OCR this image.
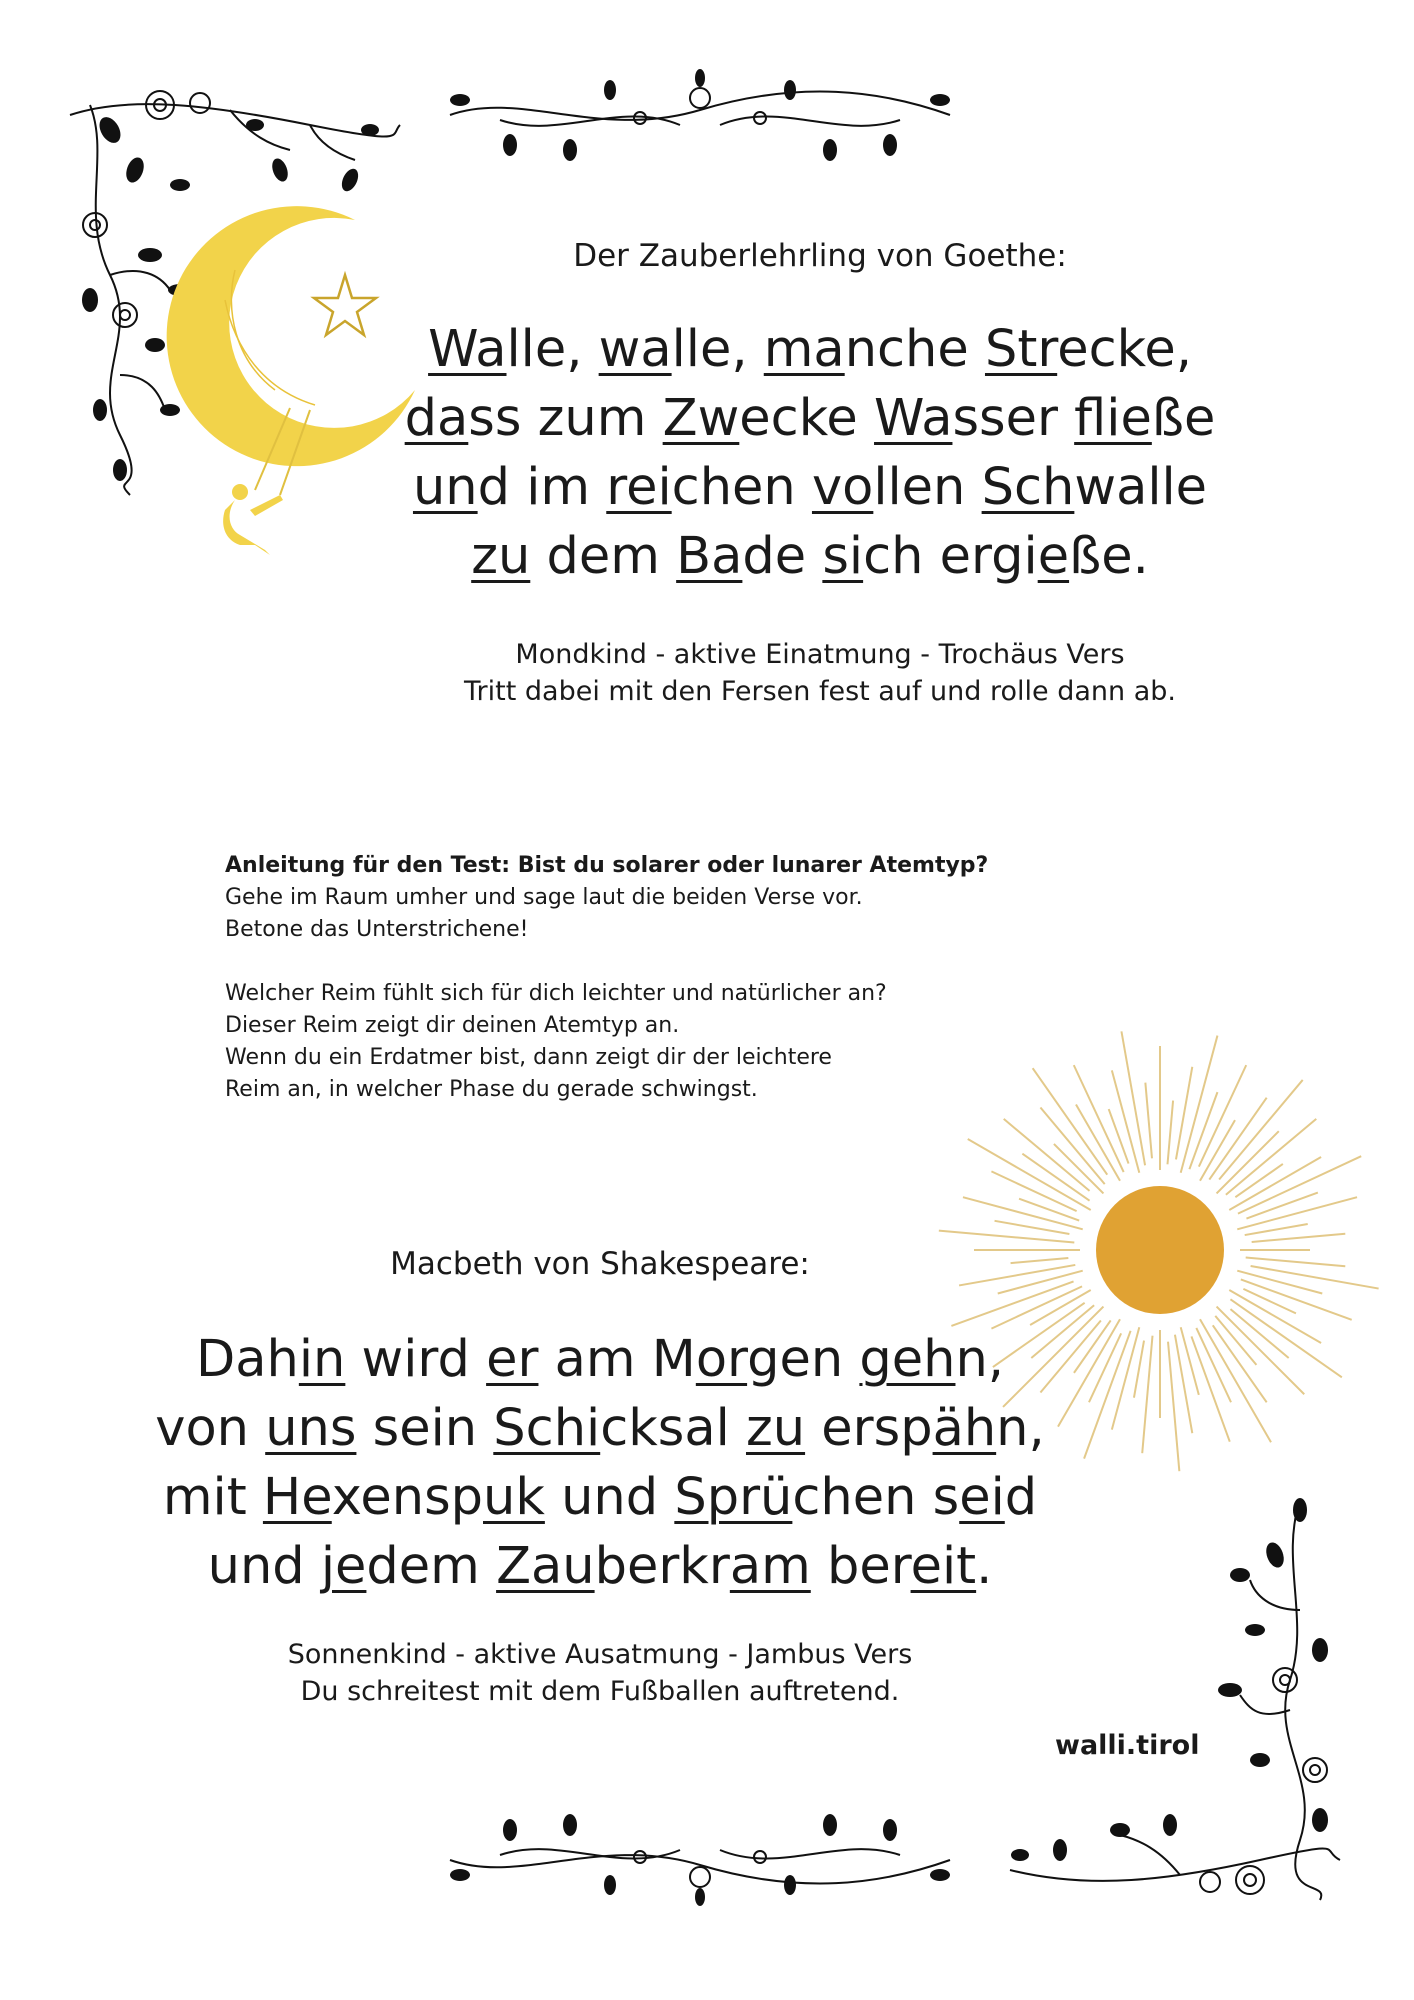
Der Zauberlehrling von Goethe:
Walle, walle, manche Strecke,
dass zum Zwecke Wasser fließe
und im reichen vollen Schwalle
zu dem Bade sich ergieße.
Mondkind - aktive Einatmung - Trochäus Vers
Tritt dabei mit den Fersen fest auf und rolle dann ab.
Anleitung für den Test: Bist du solarer oder lunarer Atemtyp?
Gehe im Raum umher und sage laut die beiden Verse vor.
Betone das Unterstrichene!
Welcher Reim fühlt sich für dich leichter und natürlicher an?
Dieser Reim zeigt dir deinen Atemtyp an.
Wenn du ein Erdatmer bist, dann zeigt dir der leichtere
Reim an, in welcher Phase du gerade schwingst.
Macbeth von Shakespeare:
Dahin wird er am Morgen gehn,
von uns sein Schicksal zu erspähn,
mit Hexenspuk und Sprüchen seid
und jedem Zauberkram bereit.
Sonnenkind - aktive Ausatmung - Jambus Vers
Du schreitest mit dem Fußballen auftretend.
walli.tirol
